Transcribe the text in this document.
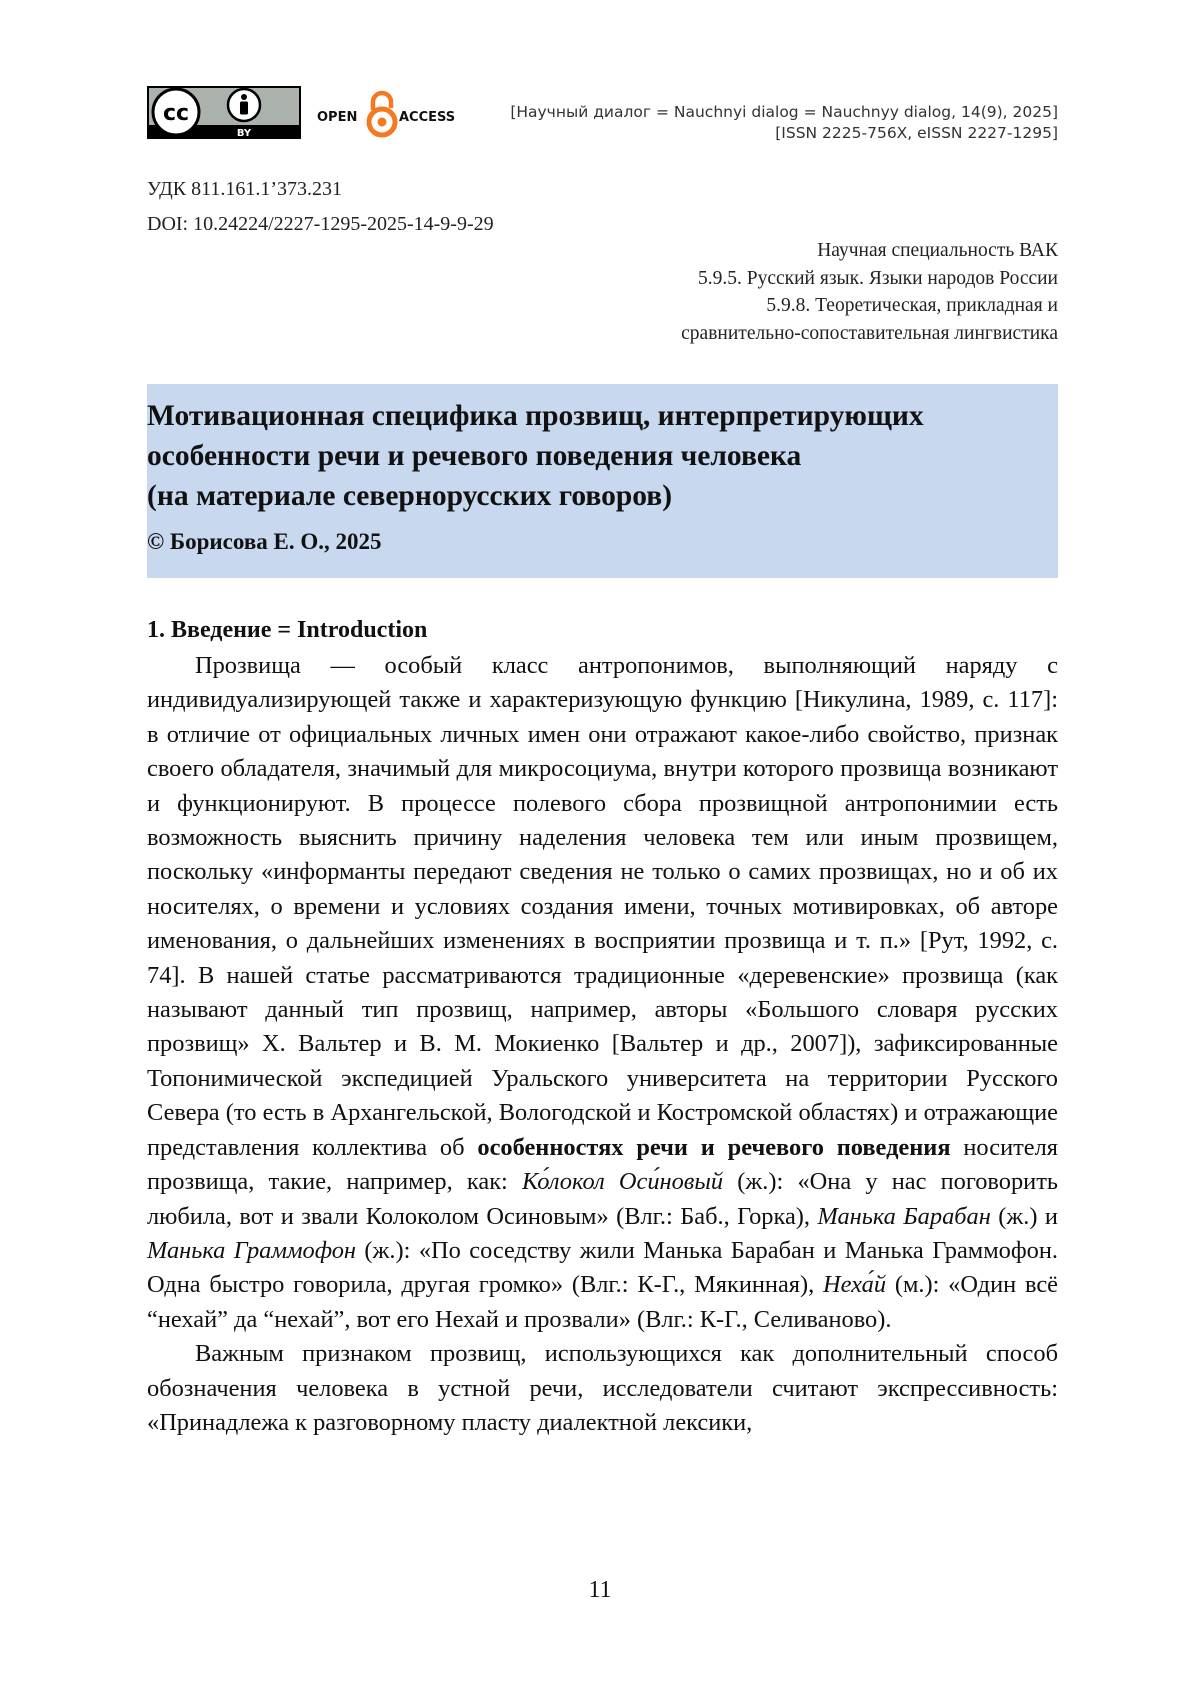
cc
BY
OPEN	ACCESS	[Научный диалог = Nauchnyi dialog = Nauchnyy dialog, 14(9), 2025]
[ISSN 2225-756X, eISSN 2227-1295]
УДК 811.161.1’373.231
DOI: 10.24224/2227-1295-2025-14-9-9-29
Научная специальность ВАК
5.9.5. Русский язык. Языки народов России
5.9.8. Теоретическая, прикладная и
сравнительно-сопоставительная лингвистика
Мотивационная специфика прозвищ, интерпретирующих
особенности речи и речевого поведения человека
(на материале севернорусских говоров)
© Борисова Е. О., 2025
1. Введение = Introduction

Прозвища — особый класс антропонимов, выполняющий наряду с индивидуализирующей также и характеризующую функцию [Никулина, 1989, с. 117]: в отличие от официальных личных имен они отражают какое-либо свойство, признак своего обладателя, значимый для микросоциума, внутри которого прозвища возникают и функционируют. В процессе полевого сбора прозвищной антропонимии есть возможность выяснить причину наделения человека тем или иным прозвищем, поскольку «информанты передают сведения не только о самих прозвищах, но и об их носителях, о времени и условиях создания имени, точных мотивировках, об авторе именования, о дальнейших изменениях в восприятии прозвища и т. п.» [Рут, 1992, с. 74]. В нашей статье рассматриваются традиционные «деревенские» прозвища (как называют данный тип прозвищ, например, авторы «Большого словаря русских прозвищ» Х. Вальтер и В. М. Мокиенко [Вальтер и др., 2007]), зафиксированные Топонимической экспедицией Уральского университета на территории Русского Севера (то есть в Архангельской, Вологодской и Костромской областях) и отражающие представления коллектива об особенностях речи и речевого поведения носителя прозвища, такие, например, как: Ко́локол Оси́новый (ж.): «Она у нас поговорить любила, вот и звали Колоколом Осиновым» (Влг.: Баб., Горка), Манька Барабан (ж.) и Манька Граммофон (ж.): «По соседству жили Манька Барабан и Манька Граммофон. Одна быстро говорила, другая громко» (Влг.: К-Г., Мякинная), Неха́й (м.): «Один всё “нехай” да “нехай”, вот его Нехай и прозвали» (Влг.: К-Г., Селиваново).

Важным признаком прозвищ, использующихся как дополнительный способ обозначения человека в устной речи, исследователи считают экспрессивность: «Принадлежа к разговорному пласту диалектной лексики,

11
